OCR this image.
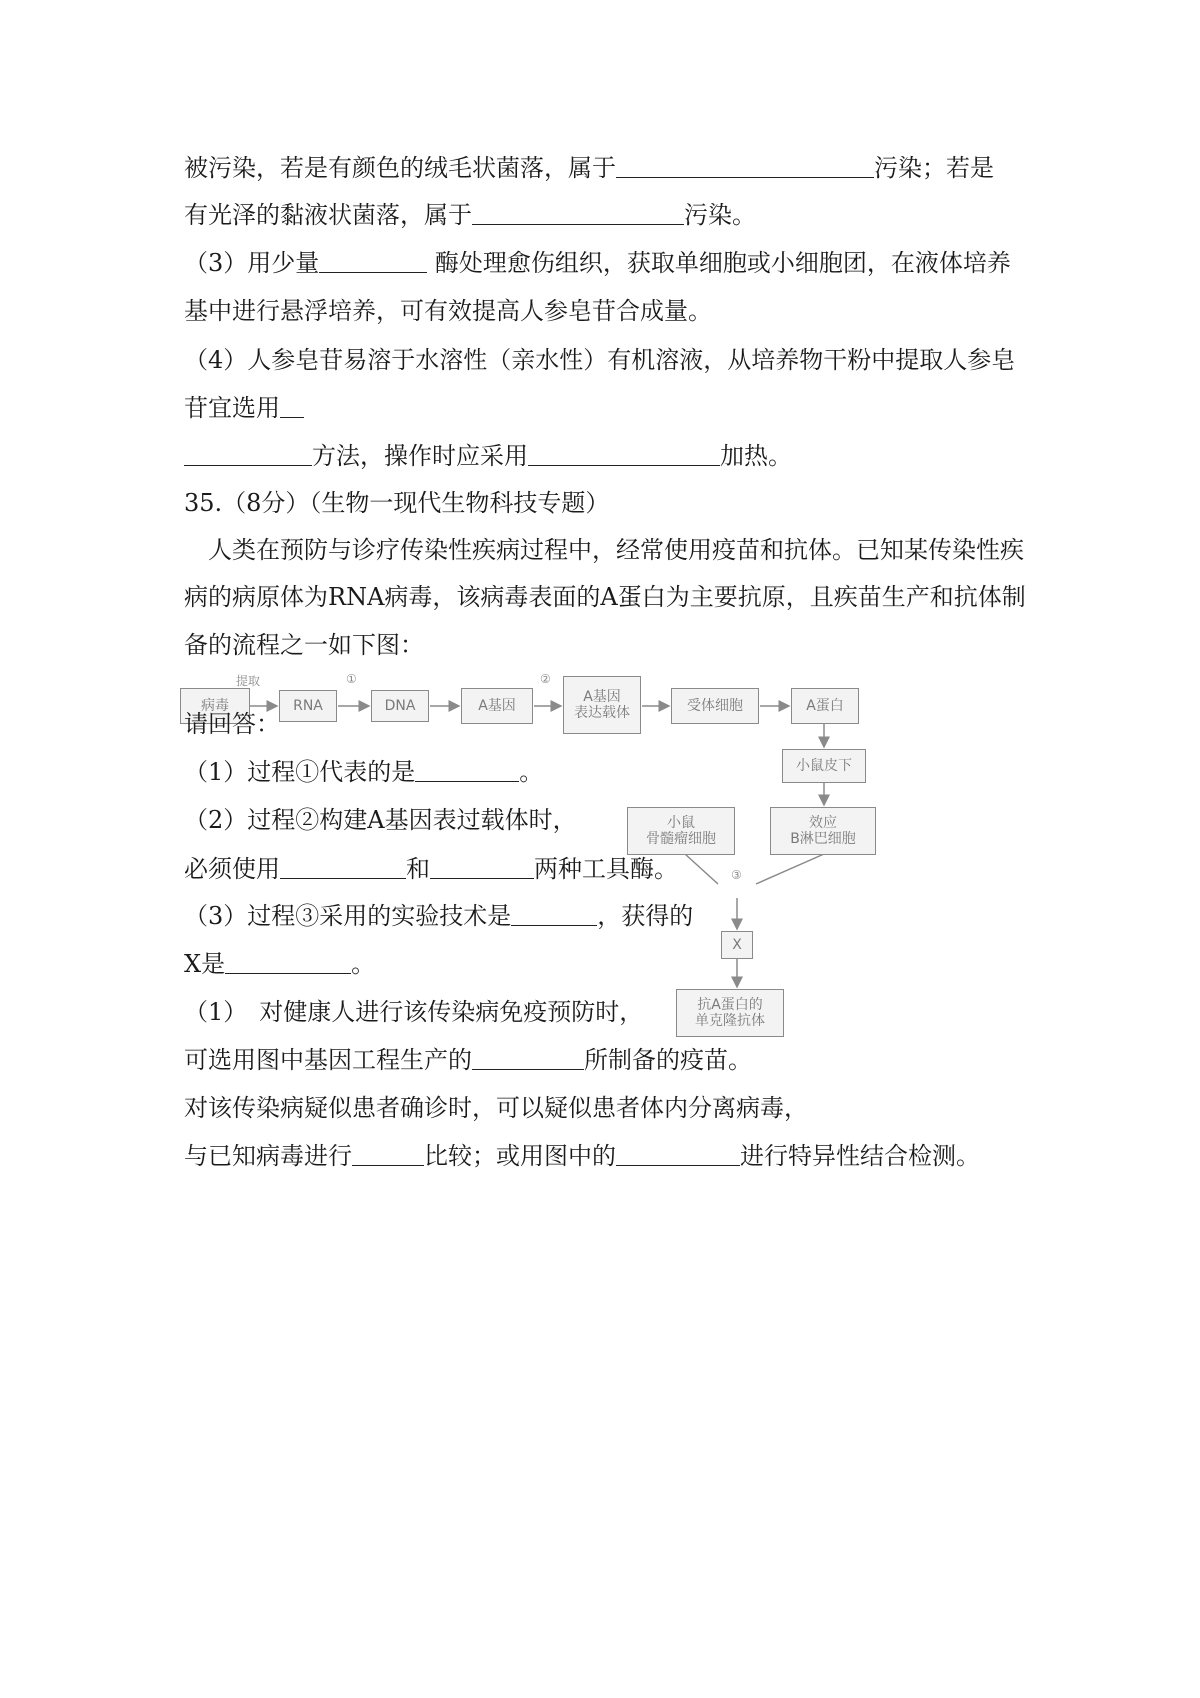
被污染，若是有颜色的绒毛状菌落，属于	污染；若是
有光泽的黏液状菌落，属于	污染。
（3）用少量	酶处理愈伤组织，获取单细胞或小细胞团，在液体培养
基中进行悬浮培养，可有效提高人参皂苷合成量。
（4）人参皂苷易溶于水溶性（亲水性）有机溶液，从培养物干粉中提取人参皂
苷宜选用
方法，操作时应采用	加热。
35.（8分）（生物一现代生物科技专题）
　人类在预防与诊疗传染性疾病过程中，经常使用疫苗和抗体。已知某传染性疾
病的病原体为RNA病毒，该病毒表面的A蛋白为主要抗原，且疾苗生产和抗体制
备的流程之一如下图：
病毒
提取
RNA
①
DNA	A基因
②
A基因
表达载体	受体细胞	A蛋白
小鼠皮下
小鼠
骨髓瘤细胞
效应
B淋巴细胞
③
X
抗A蛋白的
单克隆抗体
请回答：
（1）过程①代表的是	。
（2）过程②构建A基因表过载体时，
必须使用	和	两种工具酶。
（3）过程③采用的实验技术是	，获得的
X是	。
（1）　对健康人进行该传染病免疫预防时，
可选用图中基因工程生产的	所制备的疫苗。
对该传染病疑似患者确诊时，可以疑似患者体内分离病毒，
与已知病毒进行	比较；或用图中的	进行特异性结合检测。
